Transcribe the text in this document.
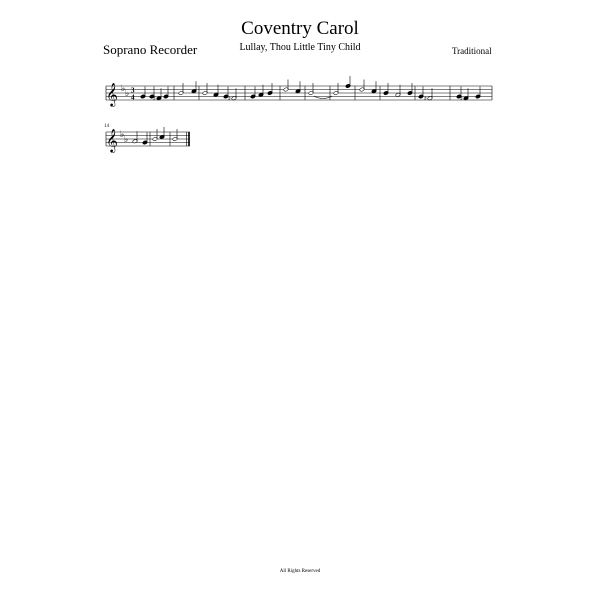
Coventry Carol
Lullay, Thou Little Tiny Child
Soprano Recorder	Traditional
𝄞 ♭ ♭ 3
4	♯	♯	♯	♯
14
𝄞 ♭ ♭
All Rights Reserved
